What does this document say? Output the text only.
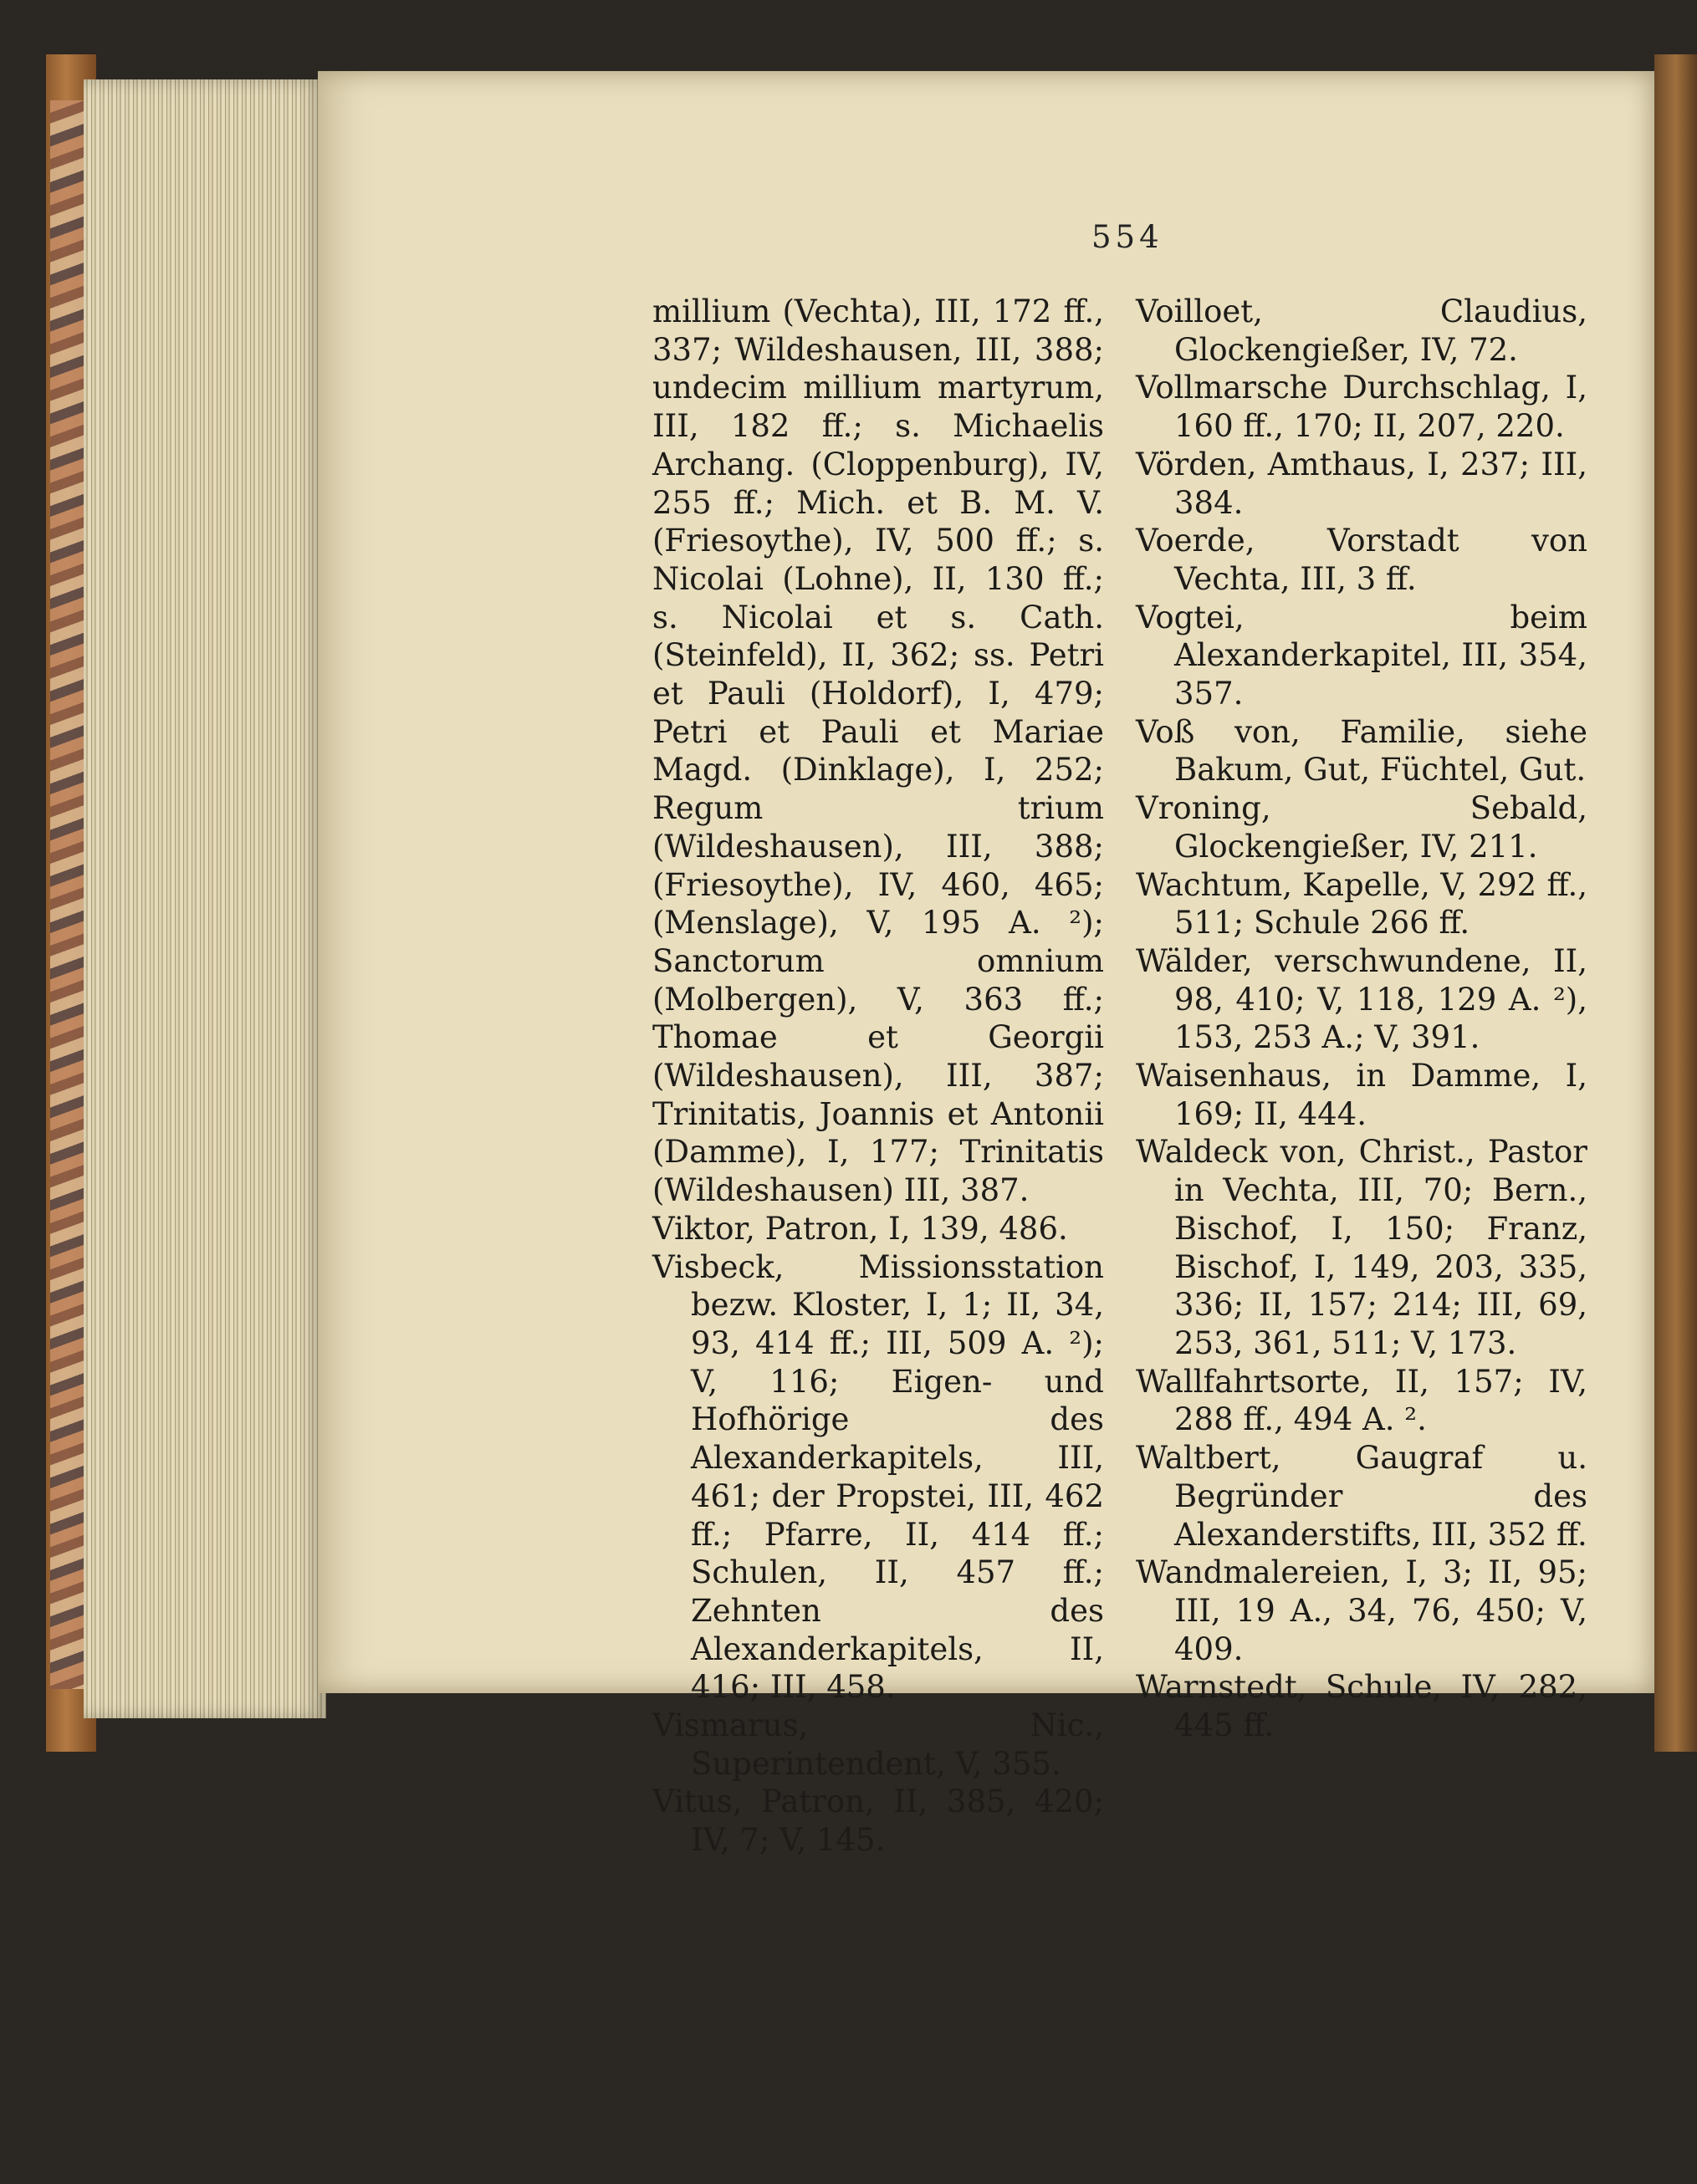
554

millium (Vechta), III, 172 ff., 337; Wildeshausen, III, 388; undecim millium martyrum, III, 182 ff.; s. Michaelis Archang. (Cloppenburg), IV, 255 ff.; Mich. et B. M. V. (Friesoythe), IV, 500 ff.; s. Nicolai (Lohne), II, 130 ff.; s. Nicolai et s. Cath. (Steinfeld), II, 362; ss. Petri et Pauli (Holdorf), I, 479; Petri et Pauli et Mariae Magd. (Dinklage), I, 252; Regum trium (Wildeshausen), III, 388; (Friesoythe), IV, 460, 465; (Menslage), V, 195 A. ²); Sanctorum omnium (Molbergen), V, 363 ff.; Thomae et Georgii (Wildeshausen), III, 387; Trinitatis, Joannis et Antonii (Damme), I, 177; Trinitatis (Wildeshausen) III, 387.

Viktor, Patron, I, 139, 486.

Visbeck, Missionsstation bezw. Kloster, I, 1; II, 34, 93, 414 ff.; III, 509 A. ²); V, 116; Eigen- und Hofhörige des Alexanderkapitels, III, 461; der Propstei, III, 462 ff.; Pfarre, II, 414 ff.; Schulen, II, 457 ff.; Zehnten des Alexanderkapitels, II, 416; III, 458.

Vismarus, Nic., Superintendent, V, 355.

Vitus, Patron, II, 385, 420; IV, 7; V, 145.

Voilloet, Claudius, Glockengießer, IV, 72.

Vollmarsche Durchschlag, I, 160 ff., 170; II, 207, 220.

Vörden, Amthaus, I, 237; III, 384.

Voerde, Vorstadt von Vechta, III, 3 ff.

Vogtei, beim Alexanderkapitel, III, 354, 357.

Voß von, Familie, siehe Bakum, Gut, Füchtel, Gut.

Vroning, Sebald, Glockengießer, IV, 211.

Wachtum, Kapelle, V, 292 ff., 511; Schule 266 ff.

Wälder, verschwundene, II, 98, 410; V, 118, 129 A. ²), 153, 253 A.; V, 391.

Waisenhaus, in Damme, I, 169; II, 444.

Waldeck von, Christ., Pastor in Vechta, III, 70; Bern., Bischof, I, 150; Franz, Bischof, I, 149, 203, 335, 336; II, 157; 214; III, 69, 253, 361, 511; V, 173.

Wallfahrtsorte, II, 157; IV, 288 ff., 494 A. ².

Waltbert, Gaugraf u. Begründer des Alexanderstifts, III, 352 ff.

Wandmalereien, I, 3; II, 95; III, 19 A., 34, 76, 450; V, 409.

Warnstedt, Schule, IV, 282, 445 ff.
